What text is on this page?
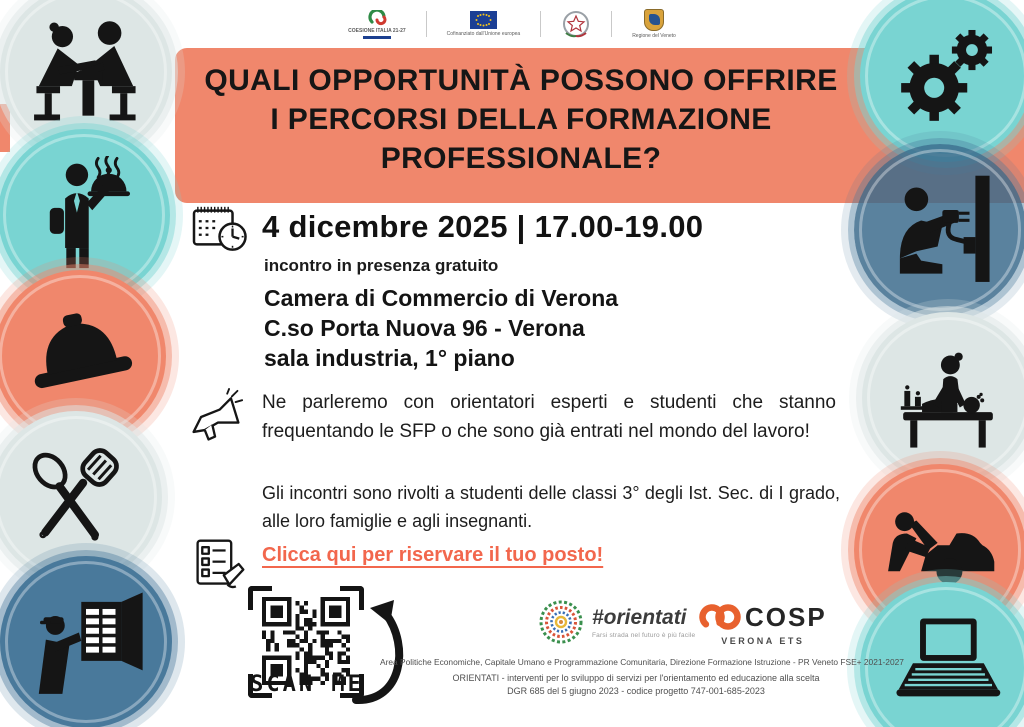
COESIONE ITALIA 21-27
Cofinanziato dall'Unione europea	Regione del Veneto
QUALI OPPORTUNITÀ POSSONO OFFRIRE
I PERCORSI DELLA FORMAZIONE
PROFESSIONALE?
4 dicembre 2025 | 17.00-19.00
incontro in presenza gratuito
Camera di Commercio di Verona
C.so Porta Nuova 96 - Verona
sala industria, 1° piano
Ne parleremo con orientatori esperti e studenti che stanno frequentando le SFP o che sono già entrati nel mondo del lavoro!
Gli incontri sono rivolti a studenti delle classi 3° degli Ist. Sec. di I grado, alle loro famiglie e agli insegnanti.
Clicca qui per riservare il tuo posto!
SCAN ME
#orientati
Farsi strada nel futuro è più facile
COSP
VERONA ETS
Area Politiche Economiche, Capitale Umano e Programmazione Comunitaria, Direzione Formazione Istruzione - PR Veneto FSE+ 2021-2027
ORIENTATI - interventi per lo sviluppo di servizi per l'orientamento ed educazione alla scelta
DGR 685 del 5 giugno 2023 - codice progetto 747-001-685-2023
